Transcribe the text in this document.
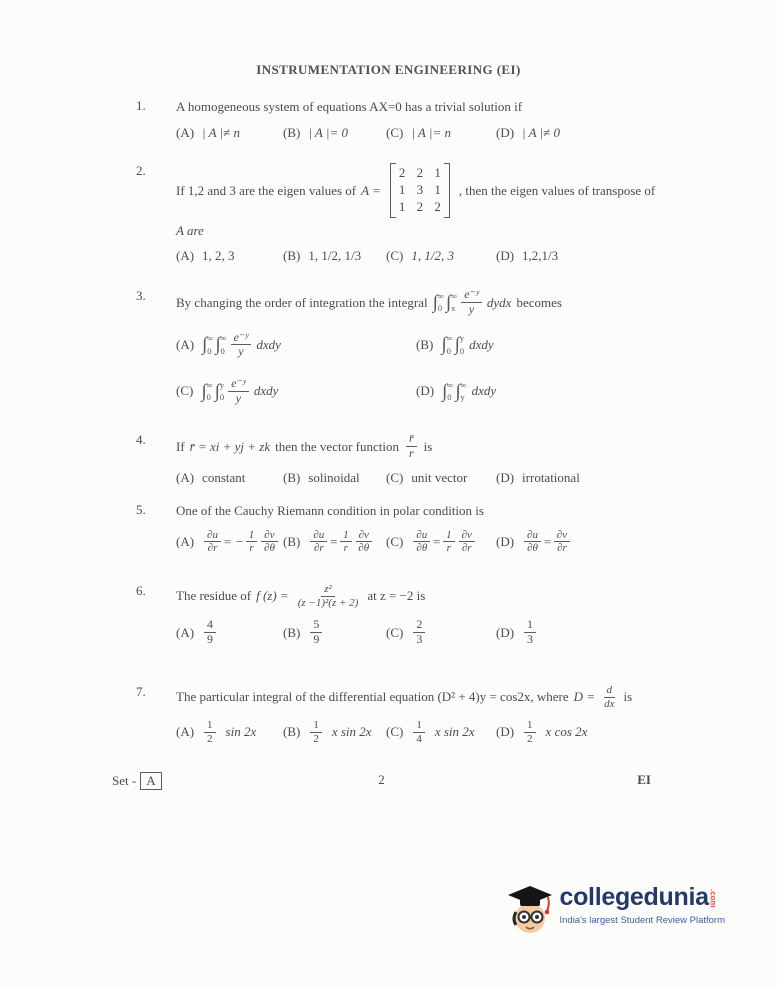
INSTRUMENTATION ENGINEERING (EI)
1.	A homogeneous system of equations AX=0 has a trivial solution if
(A) | A |≠ n	(B) | A |= 0	(C) | A |= n	(D) | A |≠ 0
2.
If 1,2 and 3 are the eigen values of A =
2 2 1
1 3 1
1 2 2
, then the eigen values of transpose of
A are
(A) 1, 2, 3	(B) 1, 1/2, 1/3 (C) 1, 1/2, 3	(D) 1,2,1/3
3.	By changing the order of integration the integral ∫ ∞
0 ∫ ∞
x $\frac{\text{e⁻ʸ}}{y}$ dydx becomes
(A) ∫ ∞
0 ∫ ∞
$0 \frac{\text{e⁻ʸ}}{y}$ dxdy	(B) ∫ ∞
0 ∫ y
0 dxdy
(C) ∫ ∞
0 ∫ y
$0 \frac{\text{e⁻ʸ}}{y}$ dxdy	(D) ∫ ∞
0 ∫ ∞
y dxdy
4.	If r̄ = xi + yj + zk then the vector function $\frac{r̄}{r}$ is
(A) constant	(B) solinoidal (C) unit vector (D) irrotational
5.	One of the Cauchy Riemann condition in polar condition is
$(A) \frac{\partial u}{\partial r}$ = − $\frac{1}{r} \frac{\partial v}{\partial\theta} (B) \frac{\partial u}{\partial r} = \frac{1}{r} \frac{\partial v}{\partial\theta} (C) \frac{\partial u}{\partial\theta} = \frac{1}{r} \frac{\partial v}{\partial r} (D) \frac{\partial u}{\partial\theta} = \frac{\partial v}{\partial r}$
6.	The residue of f $(z) = \frac{\text{z²}}{\text{(z −1)²(z + 2)}}$ at z = −2 is
$(A) \frac{4}{9}$	$(B) \frac{5}{9}$	$(C) \frac{2}{3}$	$(D) \frac{1}{3}$
7.	The particular integral of the differential equation (D² + 4)y = cos2x, where $D = \frac{d}{dx}$ is
$(A) \frac{1}{2}$ sin 2x $(B) \frac{1}{2}$ x sin 2x $(C) \frac{1}{4}$ x sin 2x $(D) \frac{1}{2}$ x cos 2x
Set - A	2	EI
collegedunia .com
India's largest Student Review Platform
